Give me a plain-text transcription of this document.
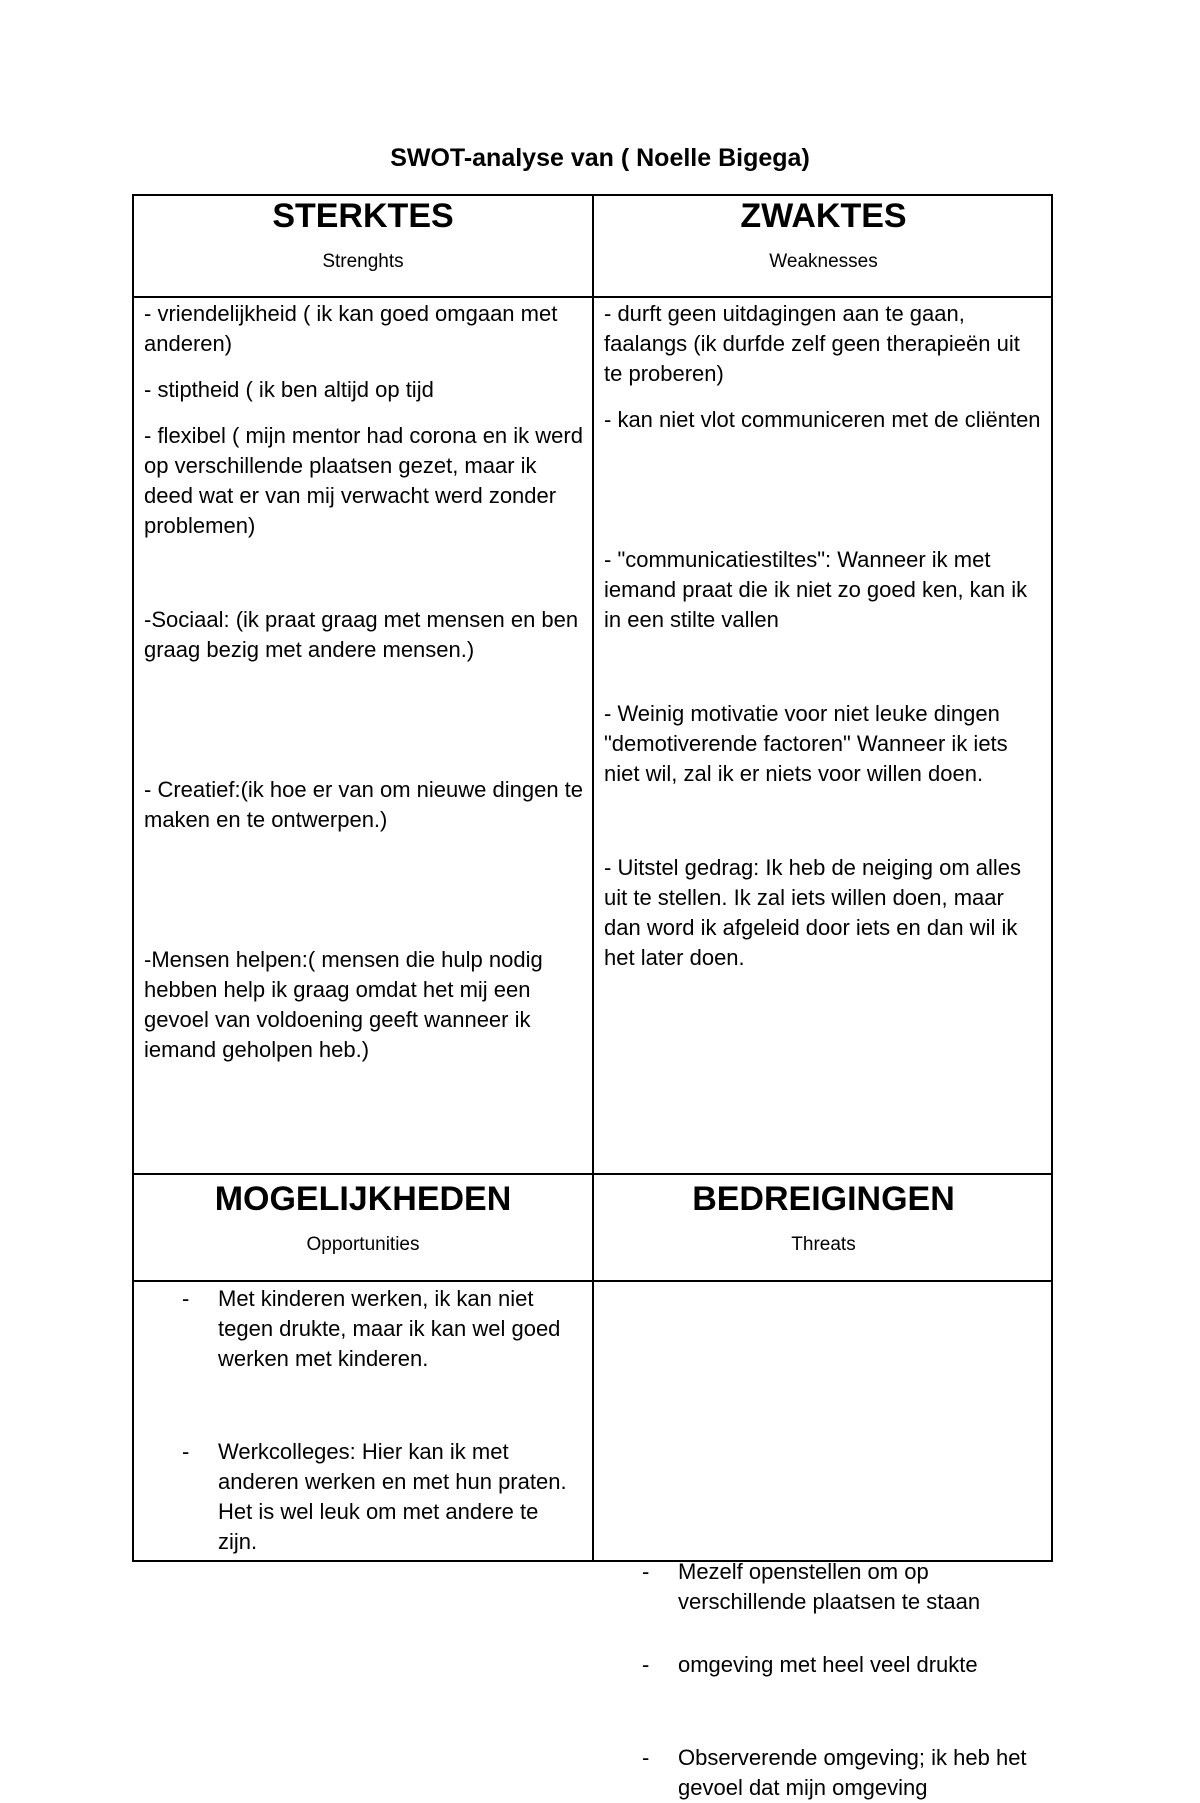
SWOT-analyse van ( Noelle Bigega)
STERKTES
Strenghts
ZWAKTES
Weaknesses

- vriendelijkheid ( ik kan goed omgaan met anderen)

- stiptheid ( ik ben altijd op tijd

- flexibel ( mijn mentor had corona en ik werd op verschillende plaatsen gezet, maar ik deed wat er van mij verwacht werd zonder problemen)

-Sociaal: (ik praat graag met mensen en ben graag bezig met andere mensen.)

- Creatief:(ik hoe er van om nieuwe dingen te maken en te ontwerpen.)

-Mensen helpen:( mensen die hulp nodig hebben help ik graag omdat het mij een gevoel van voldoening geeft wanneer ik iemand geholpen heb.)

- durft geen uitdagingen aan te gaan, faalangs (ik durfde zelf geen therapieën uit te proberen)

- kan niet vlot communiceren met de cliënten

- "communicatiestiltes": Wanneer ik met iemand praat die ik niet zo goed ken, kan ik in een stilte vallen

- Weinig motivatie voor niet leuke dingen "demotiverende factoren" Wanneer ik iets niet wil, zal ik er niets voor willen doen.

- Uitstel gedrag: Ik heb de neiging om alles uit te stellen. Ik zal iets willen doen, maar dan word ik afgeleid door iets en dan wil ik het later doen.

MOGELIJKHEDEN
Opportunities
BEDREIGINGEN
Threats
- Met kinderen werken, ik kan niet tegen drukte, maar ik kan wel goed werken met kinderen.
- Werkcolleges: Hier kan ik met anderen werken en met hun praten. Het is wel leuk om met andere te zijn.
- Mezelf openstellen om op verschillende plaatsen te staan
- omgeving met heel veel drukte
- Observerende omgeving; ik heb het gevoel dat mijn omgeving
